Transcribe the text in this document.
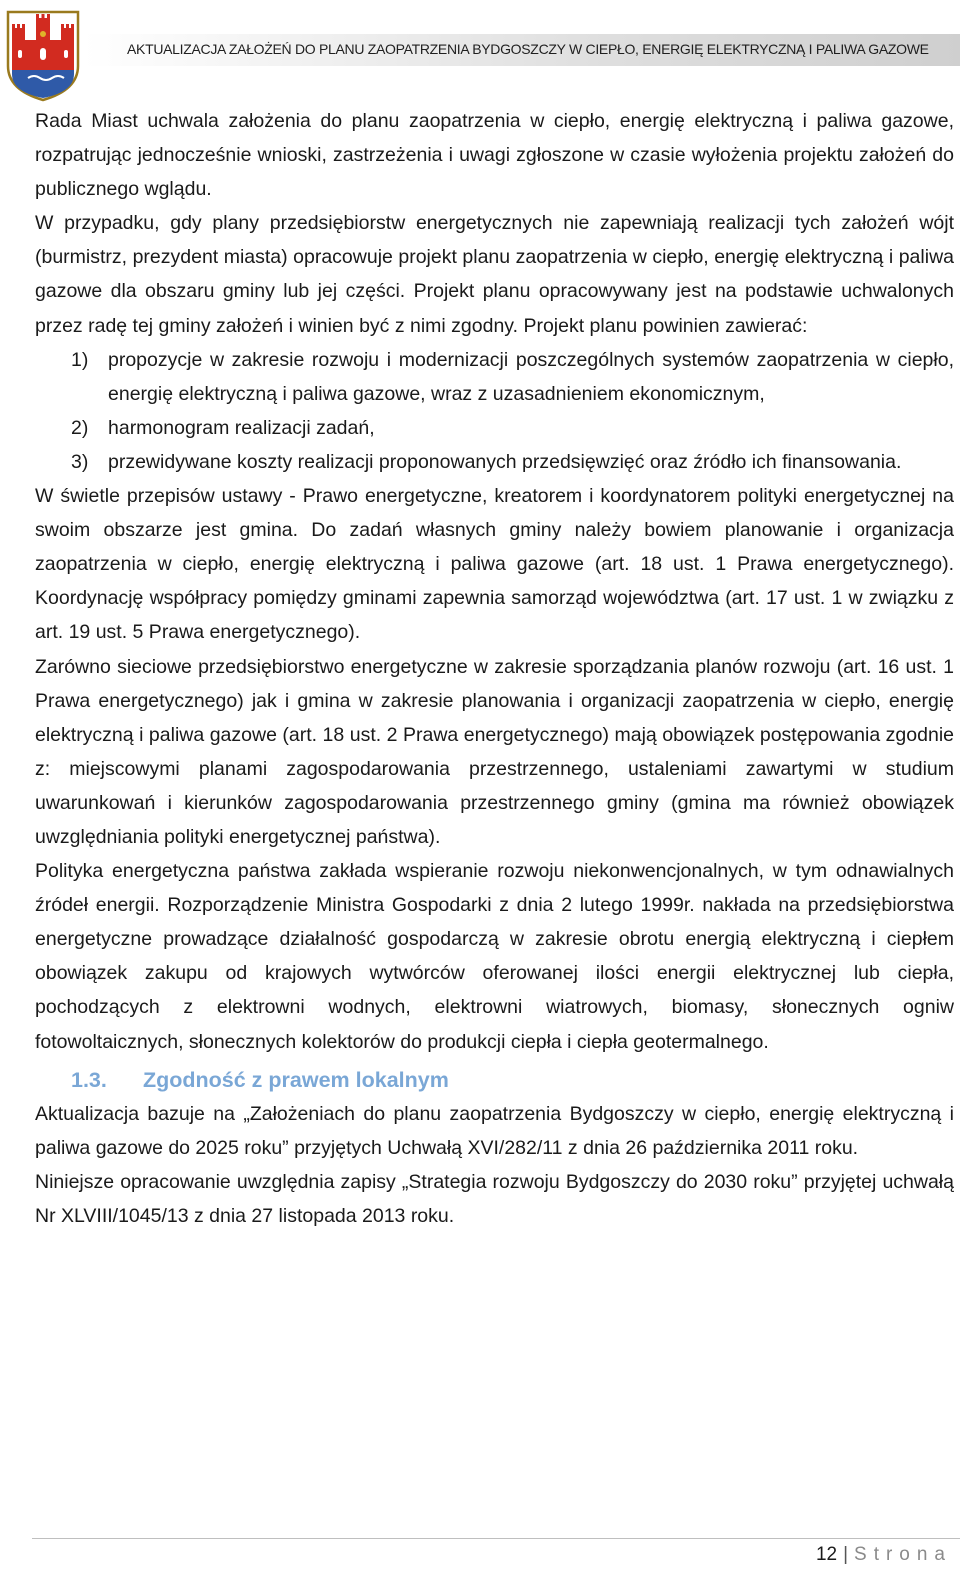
AKTUALIZACJA ZAŁOŻEŃ DO PLANU ZAOPATRZENIA BYDGOSZCZY W CIEPŁO, ENERGIĘ ELEKTRYCZNĄ I PALIWA GAZOWE

Rada Miast uchwala założenia do planu zaopatrzenia w ciepło, energię elektryczną i paliwa gazowe, rozpatrując jednocześnie wnioski, zastrzeżenia i uwagi zgłoszone w czasie wyłożenia projektu założeń do publicznego wglądu.

W przypadku, gdy plany przedsiębiorstw energetycznych nie zapewniają realizacji tych założeń wójt (burmistrz, prezydent miasta) opracowuje projekt planu zaopatrzenia w ciepło, energię elektryczną i paliwa gazowe dla obszaru gminy lub jej części. Projekt planu opracowywany jest na podstawie uchwalonych przez radę tej gminy założeń i winien być z nimi zgodny. Projekt planu powinien zawierać:

1) propozycje w zakresie rozwoju i modernizacji poszczególnych systemów zaopatrzenia w ciepło, energię elektryczną i paliwa gazowe, wraz z uzasadnieniem ekonomicznym,
2) harmonogram realizacji zadań,
3) przewidywane koszty realizacji proponowanych przedsięwzięć oraz źródło ich finansowania.

W świetle przepisów ustawy - Prawo energetyczne, kreatorem i koordynatorem polityki energetycznej na swoim obszarze jest gmina. Do zadań własnych gminy należy bowiem planowanie i organizacja zaopatrzenia w ciepło, energię elektryczną i paliwa gazowe (art. 18 ust. 1 Prawa energetycznego). Koordynację współpracy pomiędzy gminami zapewnia samorząd województwa (art. 17 ust. 1 w związku z art. 19 ust. 5 Prawa energetycznego).

Zarówno sieciowe przedsiębiorstwo energetyczne w zakresie sporządzania planów rozwoju (art. 16 ust. 1 Prawa energetycznego) jak i gmina w zakresie planowania i organizacji zaopatrzenia w ciepło, energię elektryczną i paliwa gazowe (art. 18 ust. 2 Prawa energetycznego) mają obowiązek postępowania zgodnie z: miejscowymi planami zagospodarowania przestrzennego, ustaleniami zawartymi w studium uwarunkowań i kierunków zagospodarowania przestrzennego gminy (gmina ma również obowiązek uwzględniania polityki energetycznej państwa).

Polityka energetyczna państwa zakłada wspieranie rozwoju niekonwencjonalnych, w tym odnawialnych źródeł energii. Rozporządzenie Ministra Gospodarki z dnia 2 lutego 1999r. nakłada na przedsiębiorstwa energetyczne prowadzące działalność gospodarczą w zakresie obrotu energią elektryczną i ciepłem obowiązek zakupu od krajowych wytwórców oferowanej ilości energii elektrycznej lub ciepła, pochodzących z elektrowni wodnych, elektrowni wiatrowych, biomasy, słonecznych ogniw fotowoltaicznych, słonecznych kolektorów do produkcji ciepła i ciepła geotermalnego.

1.3.	Zgodność z prawem lokalnym

Aktualizacja bazuje na „Założeniach do planu zaopatrzenia Bydgoszczy w ciepło, energię elektryczną i paliwa gazowe do 2025 roku” przyjętych Uchwałą XVI/282/11 z dnia 26 października 2011 roku.

Niniejsze opracowanie uwzględnia zapisy „Strategia rozwoju Bydgoszczy do 2030 roku” przyjętej uchwałą Nr XLVIII/1045/13 z dnia 27 listopada 2013 roku.

12 | Strona
